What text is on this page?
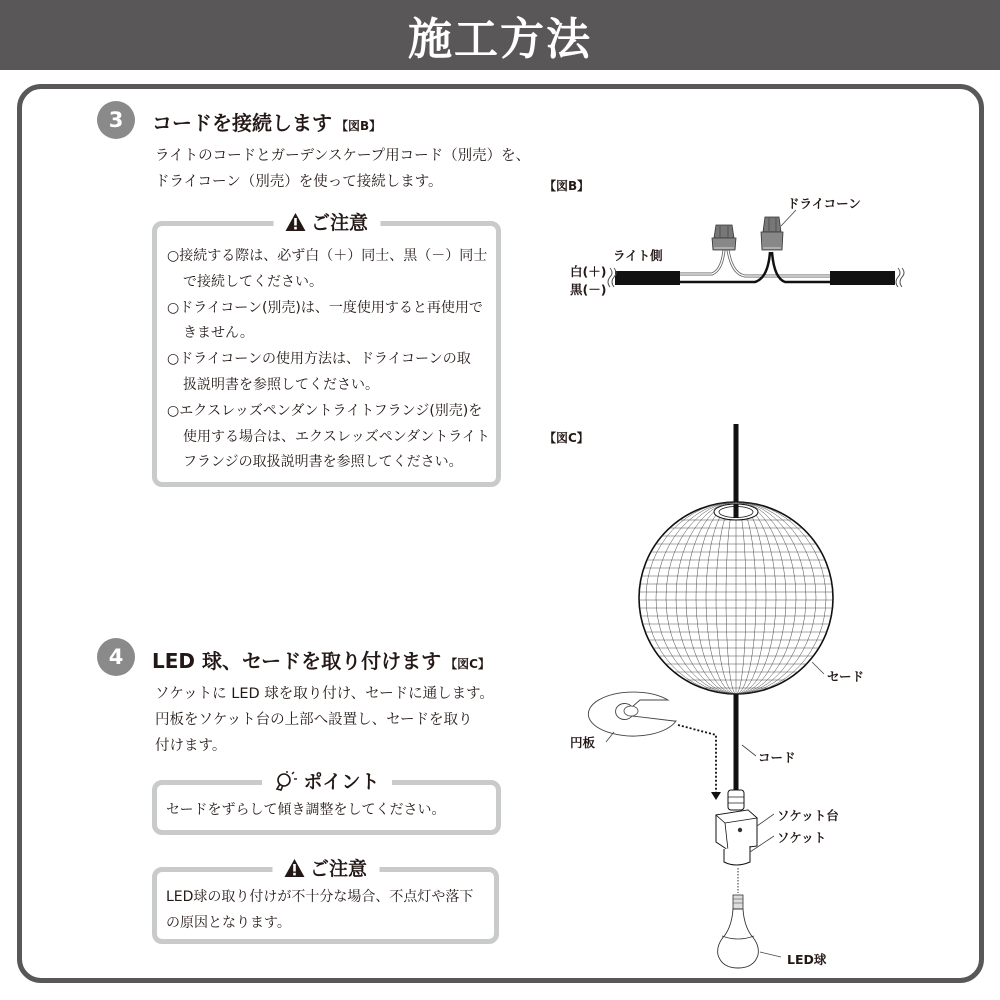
施工方法
3	コードを接続します 【図B】
ライトのコードとガーデンスケープ用コード（別売）を、
ドライコーン（別売）を使って接続します。
ご注意
○接続する際は、必ず白（＋）同士、黒（－）同士
で接続してください。
○ドライコーン(別売)は、一度使用すると再使用で
きません。
○ドライコーンの使用方法は、ドライコーンの取
扱説明書を参照してください。
○エクスレッズペンダントライトフランジ(別売)を
使用する場合は、エクスレッズペンダントライト
フランジの取扱説明書を参照してください。
【図B】
ドライコーン
ライト側
白(＋)
黒(－)
【図C】
セード
円板
コード
ソケット台
ソケット
LED球
4	LED 球、セードを取り付けます 【図C】
ソケットに LED 球を取り付け、セードに通します。
円板をソケット台の上部へ設置し、セードを取り
付けます。
ポイント
セードをずらして傾き調整をしてください。
ご注意
LED球の取り付けが不十分な場合、不点灯や落下
の原因となります。
